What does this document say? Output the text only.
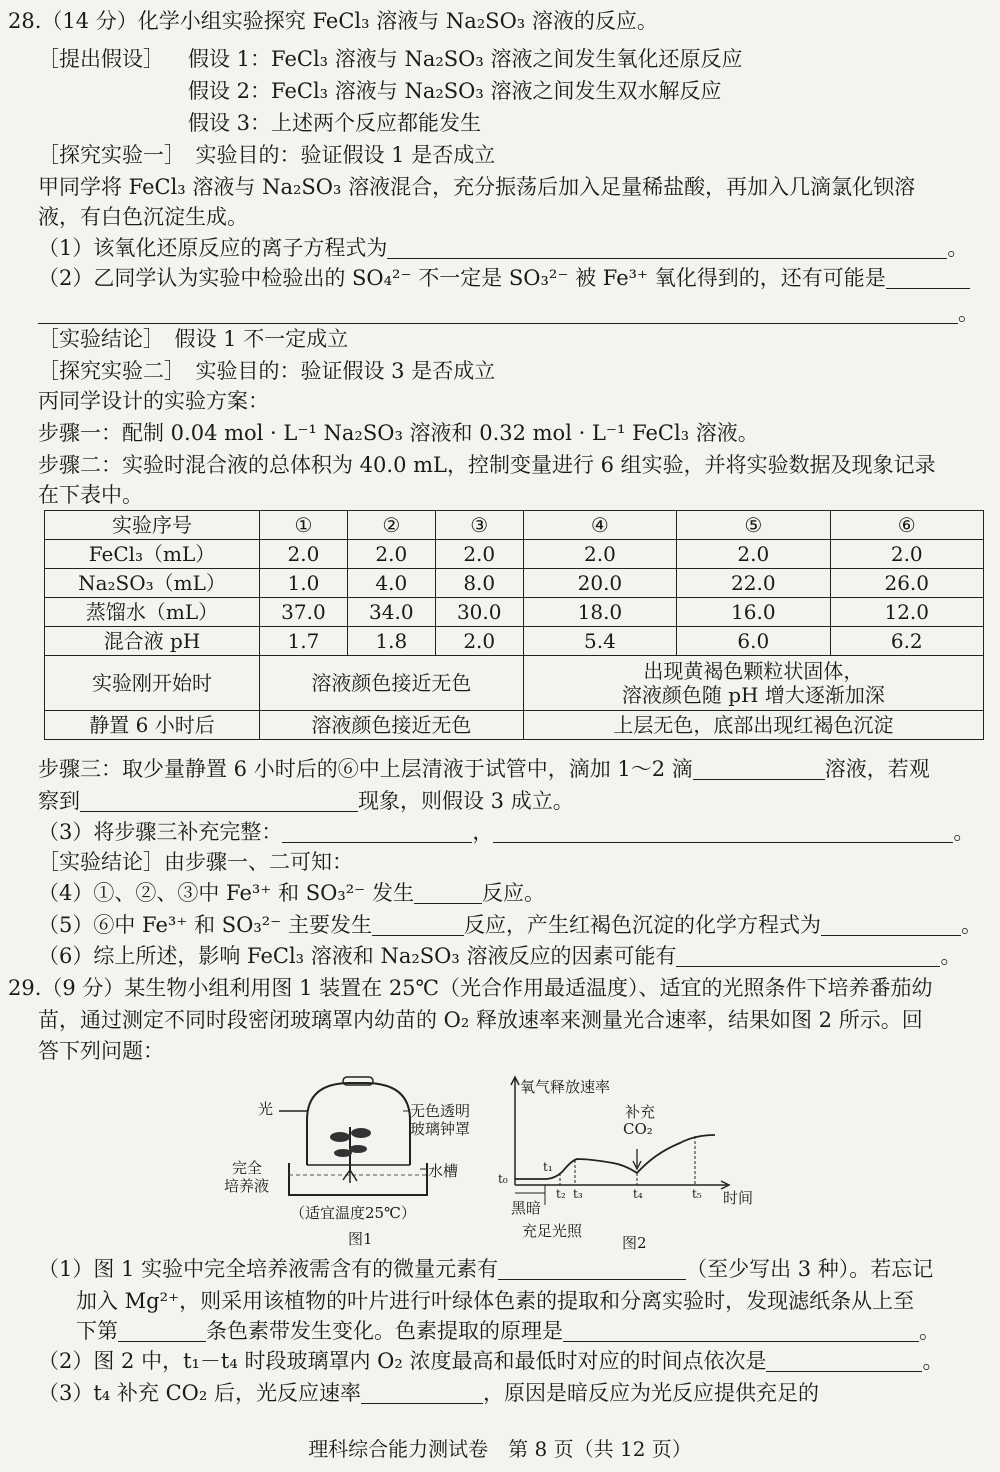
28.（14 分）化学小组实验探究 FeCl₃ 溶液与 Na₂SO₃ 溶液的反应。
［提出假设］ 假设 1：FeCl₃ 溶液与 Na₂SO₃ 溶液之间发生氧化还原反应
假设 2：FeCl₃ 溶液与 Na₂SO₃ 溶液之间发生双水解反应
假设 3：上述两个反应都能发生
［探究实验一］　实验目的：验证假设 1 是否成立
甲同学将 FeCl₃ 溶液与 Na₂SO₃ 溶液混合，充分振荡后加入足量稀盐酸，再加入几滴氯化钡溶
液，有白色沉淀生成。
（1）该氧化还原反应的离子方程式为	。
（2）乙同学认为实验中检验出的 SO₄²⁻ 不一定是 SO₃²⁻ 被 Fe³⁺ 氧化得到的，还有可能是
。
［实验结论］　假设 1 不一定成立
［探究实验二］　实验目的：验证假设 3 是否成立
丙同学设计的实验方案：
步骤一：配制 0.04 mol · L⁻¹ Na₂SO₃ 溶液和 0.32 mol · L⁻¹ FeCl₃ 溶液。
步骤二：实验时混合液的总体积为 40.0 mL，控制变量进行 6 组实验，并将实验数据及现象记录
在下表中。
实验序号	①	②	③	④	⑤	⑥
FeCl₃（mL）	2.0	2.0	2.0	2.0	2.0	2.0
Na₂SO₃（mL）	1.0	4.0	8.0	20.0	22.0	26.0
蒸馏水（mL）	37.0	34.0	30.0	18.0	16.0	12.0
混合液 pH	1.7	1.8	2.0	5.4	6.0	6.2
实验刚开始时	溶液颜色接近无色			出现黄褐色颗粒状固体，
溶液颜色随 pH 增大逐渐加深		

静置 6 小时后	溶液颜色接近无色			上层无色，底部出现红褐色沉淀		
步骤三：取少量静置 6 小时后的⑥中上层清液于试管中，滴加 1～2 滴	溶液，若观
察到	现象，则假设 3 成立。
（3）将步骤三补充完整：	，	。
［实验结论］由步骤一、二可知：
（4）①、②、③中 Fe³⁺ 和 SO₃²⁻ 发生	反应。
（5）⑥中 Fe³⁺ 和 SO₃²⁻ 主要发生	反应，产生红褐色沉淀的化学方程式为	。
（6）综上所述，影响 FeCl₃ 溶液和 Na₂SO₃ 溶液反应的因素可能有	。
29.（9 分）某生物小组利用图 1 装置在 25℃（光合作用最适温度）、适宜的光照条件下培养番茄幼
苗，通过测定不同时段密闭玻璃罩内幼苗的 O₂ 释放速率来测量光合速率，结果如图 2 所示。回
答下列问题：
光	无色透明
玻璃钟罩
完全
培养液
水槽
（适宜温度25℃）
图1
氧气释放速率
补充
CO₂
时间
t₀
t₁
t₂ t₃	t₄	t₅
黑暗
充足光照
图2
（1）图 1 实验中完全培养液需含有的微量元素有	（至少写出 3 种）。若忘记
加入 Mg²⁺，则采用该植物的叶片进行叶绿体色素的提取和分离实验时，发现滤纸条从上至
下第	条色素带发生变化。色素提取的原理是	。
（2）图 2 中，t₁－t₄ 时段玻璃罩内 O₂ 浓度最高和最低时对应的时间点依次是	。
（3）t₄ 补充 CO₂ 后，光反应速率	，原因是暗反应为光反应提供充足的
理科综合能力测试卷　第 8 页（共 12 页）
